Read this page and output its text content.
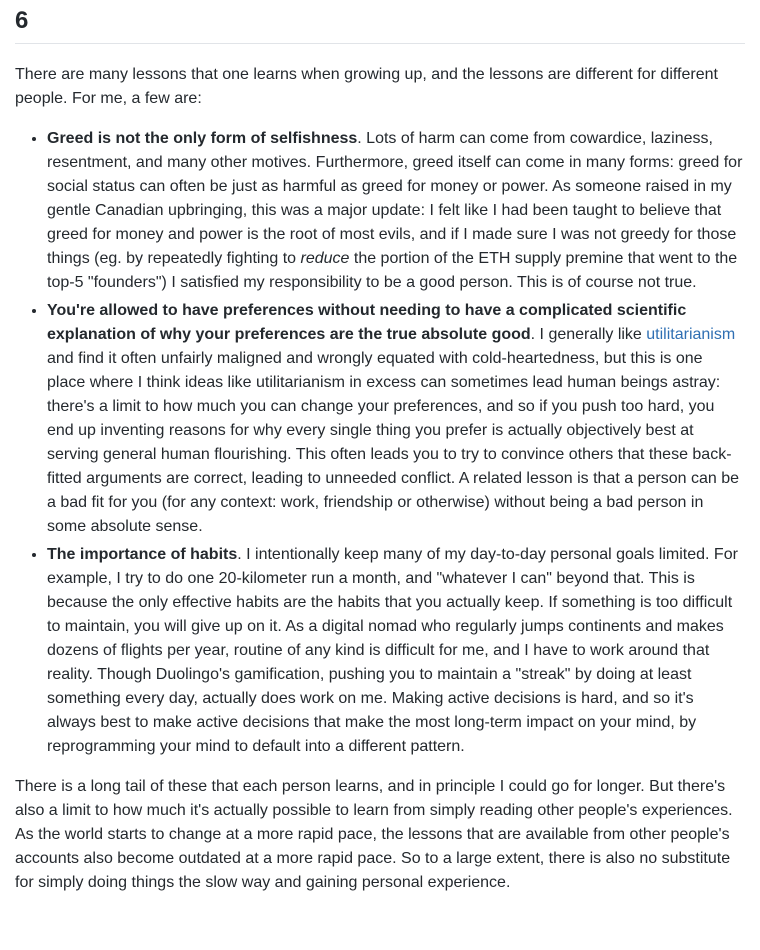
6

There are many lessons that one learns when growing up, and the lessons are different for different people. For me, a few are:

• Greed is not the only form of selfishness. Lots of harm can come from cowardice, laziness, resentment, and many other motives. Furthermore, greed itself can come in many forms: greed for social status can often be just as harmful as greed for money or power. As someone raised in my gentle Canadian upbringing, this was a major update: I felt like I had been taught to believe that greed for money and power is the root of most evils, and if I made sure I was not greedy for those things (eg. by repeatedly fighting to reduce the portion of the ETH supply premine that went to the top-5 "founders") I satisfied my responsibility to be a good person. This is of course not true.
• You're allowed to have preferences without needing to have a complicated scientific explanation of why your preferences are the true absolute good. I generally like utilitarianism and find it often unfairly maligned and wrongly equated with cold-heartedness, but this is one place where I think ideas like utilitarianism in excess can sometimes lead human beings astray: there's a limit to how much you can change your preferences, and so if you push too hard, you end up inventing reasons for why every single thing you prefer is actually objectively best at serving general human flourishing. This often leads you to try to convince others that these back-fitted arguments are correct, leading to unneeded conflict. A related lesson is that a person can be a bad fit for you (for any context: work, friendship or otherwise) without being a bad person in some absolute sense.
• The importance of habits. I intentionally keep many of my day-to-day personal goals limited. For example, I try to do one 20-kilometer run a month, and "whatever I can" beyond that. This is because the only effective habits are the habits that you actually keep. If something is too difficult to maintain, you will give up on it. As a digital nomad who regularly jumps continents and makes dozens of flights per year, routine of any kind is difficult for me, and I have to work around that reality. Though Duolingo's gamification, pushing you to maintain a "streak" by doing at least something every day, actually does work on me. Making active decisions is hard, and so it's always best to make active decisions that make the most long-term impact on your mind, by reprogramming your mind to default into a different pattern.

There is a long tail of these that each person learns, and in principle I could go for longer. But there's also a limit to how much it's actually possible to learn from simply reading other people's experiences. As the world starts to change at a more rapid pace, the lessons that are available from other people's accounts also become outdated at a more rapid pace. So to a large extent, there is also no substitute for simply doing things the slow way and gaining personal experience.
